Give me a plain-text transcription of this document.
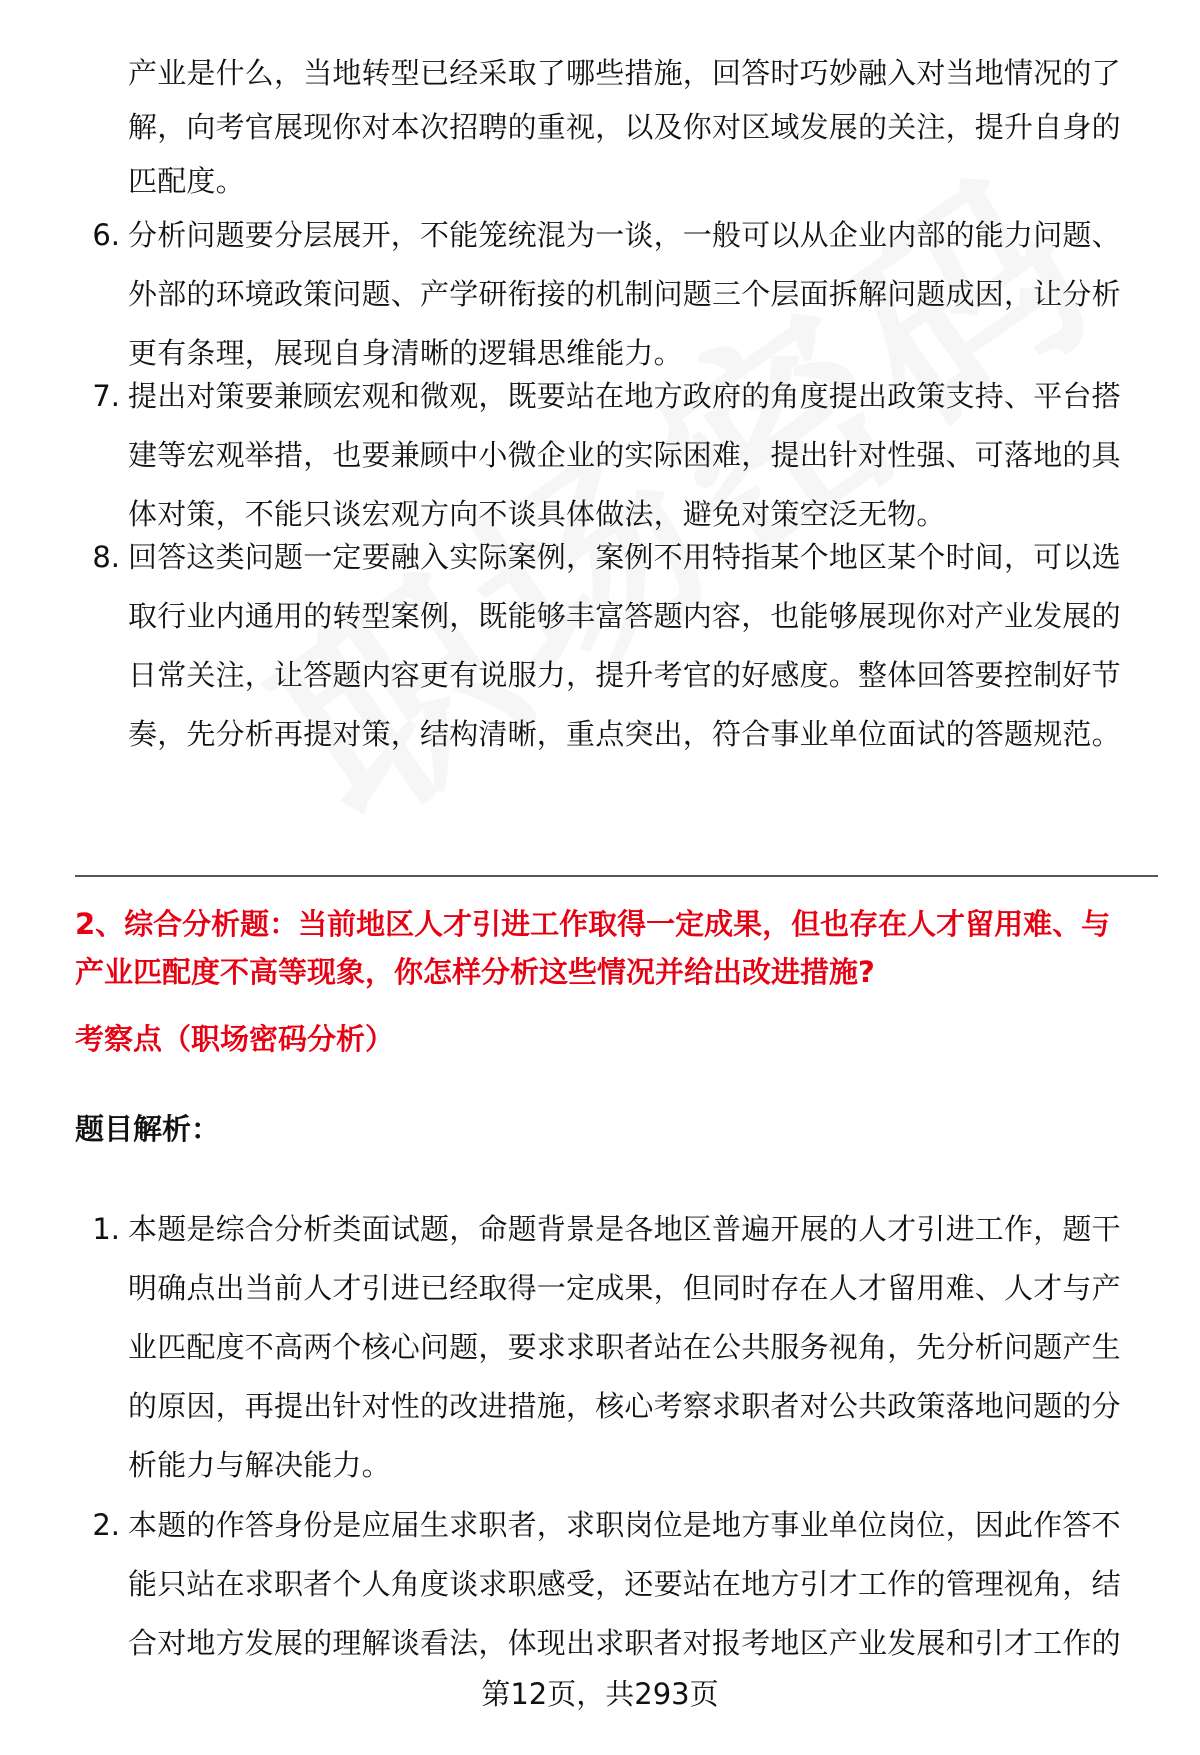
产业是什么，当地转型已经采取了哪些措施，回答时巧妙融入对当地情况的了
解，向考官展现你对本次招聘的重视，以及你对区域发展的关注，提升自身的
匹配度。
6. 分析问题要分层展开，不能笼统混为一谈，一般可以从企业内部的能力问题、
外部的环境政策问题、产学研衔接的机制问题三个层面拆解问题成因，让分析
更有条理，展现自身清晰的逻辑思维能力。
7. 提出对策要兼顾宏观和微观，既要站在地方政府的角度提出政策支持、平台搭
建等宏观举措，也要兼顾中小微企业的实际困难，提出针对性强、可落地的具
体对策，不能只谈宏观方向不谈具体做法，避免对策空泛无物。
8. 回答这类问题一定要融入实际案例，案例不用特指某个地区某个时间，可以选
取行业内通用的转型案例，既能够丰富答题内容，也能够展现你对产业发展的
日常关注，让答题内容更有说服力，提升考官的好感度。整体回答要控制好节
奏，先分析再提对策，结构清晰，重点突出，符合事业单位面试的答题规范。
2、综合分析题：当前地区人才引进工作取得一定成果，但也存在人才留用难、与
产业匹配度不高等现象，你怎样分析这些情况并给出改进措施?
考察点（职场密码分析）
题目解析：
1. 本题是综合分析类面试题，命题背景是各地区普遍开展的人才引进工作，题干
明确点出当前人才引进已经取得一定成果，但同时存在人才留用难、人才与产
业匹配度不高两个核心问题，要求求职者站在公共服务视角，先分析问题产生
的原因，再提出针对性的改进措施，核心考察求职者对公共政策落地问题的分
析能力与解决能力。
2. 本题的作答身份是应届生求职者，求职岗位是地方事业单位岗位，因此作答不
能只站在求职者个人角度谈求职感受，还要站在地方引才工作的管理视角，结
合对地方发展的理解谈看法，体现出求职者对报考地区产业发展和引才工作的
第12页，共293页
